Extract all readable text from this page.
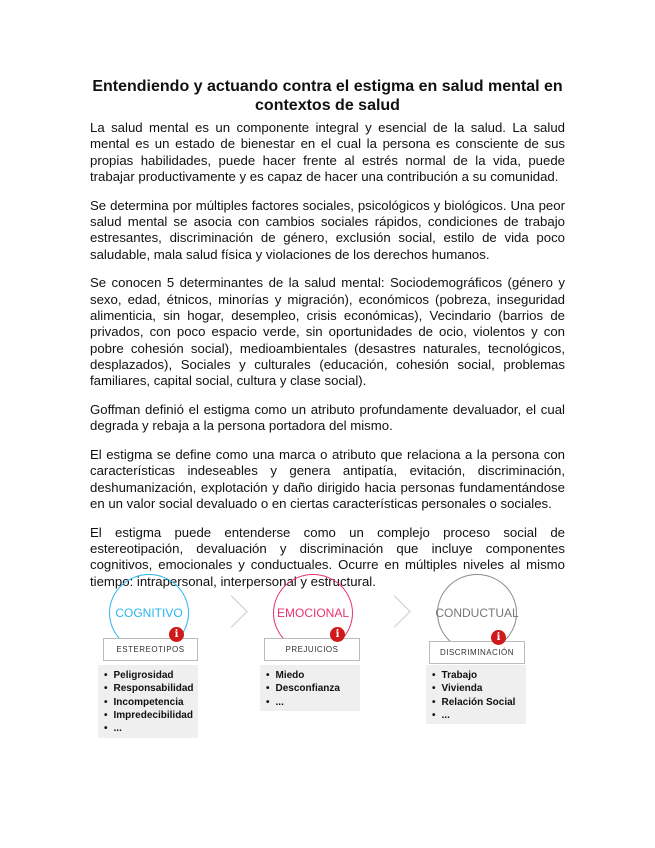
Entendiendo y actuando contra el estigma en salud mental en contextos de salud

La salud mental es un componente integral y esencial de la salud. La salud mental es un estado de bienestar en el cual la persona es consciente de sus propias habilidades, puede hacer frente al estrés normal de la vida, puede trabajar productivamente y es capaz de hacer una contribución a su comunidad.

Se determina por múltiples factores sociales, psicológicos y biológicos. Una peor salud mental se asocia con cambios sociales rápidos, condiciones de trabajo estresantes, discriminación de género, exclusión social, estilo de vida poco saludable, mala salud física y violaciones de los derechos humanos.

Se conocen 5 determinantes de la salud mental: Sociodemográficos (género y sexo, edad, étnicos, minorías y migración), económicos (pobreza, inseguridad alimenticia, sin hogar, desempleo, crisis económicas), Vecindario (barrios de privados, con poco espacio verde, sin oportunidades de ocio, violentos y con pobre cohesión social), medioambientales (desastres naturales, tecnológicos, desplazados), Sociales y culturales (educación, cohesión social, problemas familiares, capital social, cultura y clase social).

Goffman definió el estigma como un atributo profundamente devaluador, el cual degrada y rebaja a la persona portadora del mismo.

El estigma se define como una marca o atributo que relaciona a la persona con características indeseables y genera antipatía, evitación, discriminación, deshumanización, explotación y daño dirigido hacia personas fundamentándose en un valor social devaluado o en ciertas características personales o sociales.

El estigma puede entenderse como un complejo proceso social de estereotipación, devaluación y discriminación que incluye componentes cognitivos, emocionales y conductuales. Ocurre en múltiples niveles al mismo tiempo: intrapersonal, interpersonal y estructural.

COGNITIVO
ESTEREOTIPOS
i
• Peligrosidad
• Responsabilidad
• Incompetencia
• Impredecibilidad
• ...
EMOCIONAL
PREJUICIOS
i
• Miedo
• Desconfianza
• ...
CONDUCTUAL
DISCRIMINACIÓN
i
• Trabajo
• Vivienda
• Relación Social
• ...
